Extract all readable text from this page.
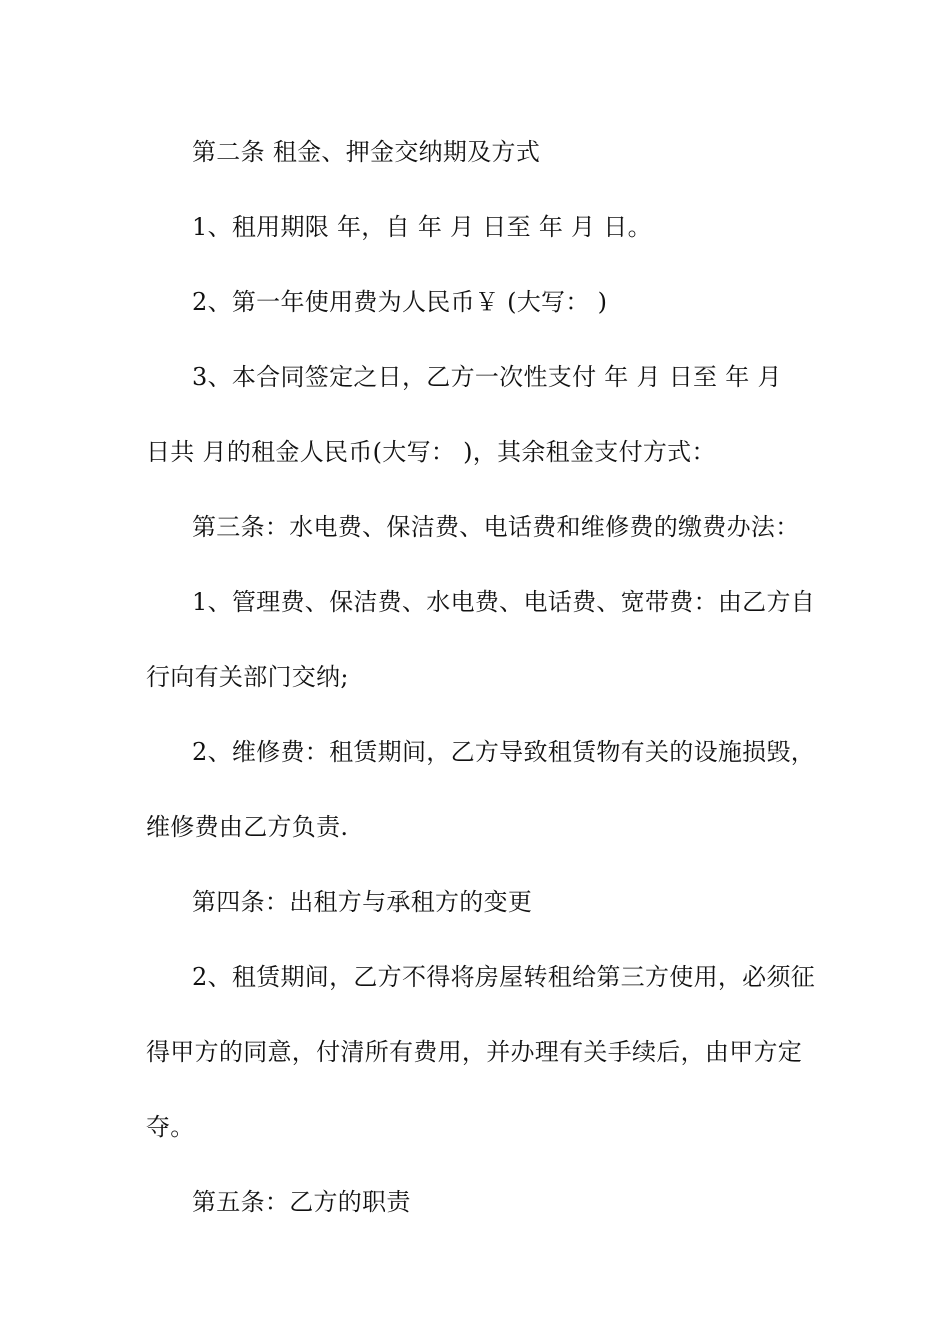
第二条 租金、押金交纳期及方式
1、租用期限 年，自 年 月 日至 年 月 日。
2、第一年使用费为人民币￥ (大写： )
3、本合同签定之日，乙方一次性支付 年 月 日至 年 月
日共 月的租金人民币(大写： )，其余租金支付方式：
第三条：水电费、保洁费、电话费和维修费的缴费办法：
1、管理费、保洁费、水电费、电话费、宽带费：由乙方自
行向有关部门交纳;
2、维修费：租赁期间，乙方导致租赁物有关的设施损毁，
维修费由乙方负责.
第四条：出租方与承租方的变更
2、租赁期间，乙方不得将房屋转租给第三方使用，必须征
得甲方的同意，付清所有费用，并办理有关手续后，由甲方定
夺。
第五条：乙方的职责
